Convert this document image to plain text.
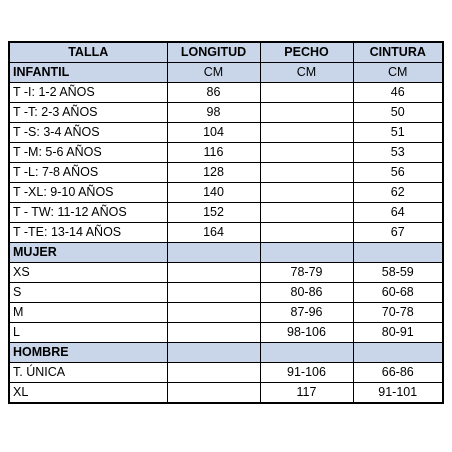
TALLA	LONGITUD	PECHO	CINTURA
INFANTIL	CM	CM	CM
T -I: 1-2 AÑOS	86		46
T -T: 2-3 AÑOS	98		50
T -S: 3-4 AÑOS	104		51
T -M: 5-6 AÑOS	116		53
T -L: 7-8 AÑOS	128		56
T -XL: 9-10 AÑOS	140		62
T - TW: 11-12 AÑOS	152		64
T -TE: 13-14 AÑOS	164		67
MUJER			
XS		78-79	58-59
S		80-86	60-68
M		87-96	70-78
L		98-106	80-91
HOMBRE			
T. ÚNICA		91-106	66-86
XL		117	91-101
